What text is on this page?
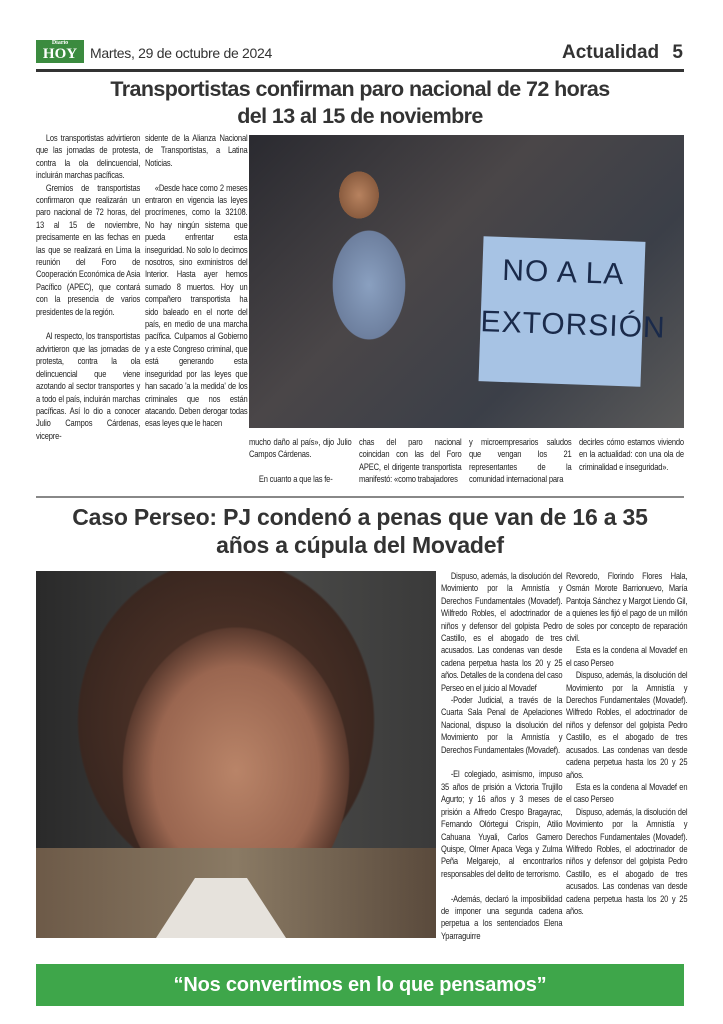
Diario
HOY Martes, 29 de octubre de 2024	Actualidad 5
Transportistas confirman paro nacional de 72 horas
del 13 al 15 de noviembre

Los transportistas advirtieron que las jornadas de protesta, contra la ola delincuencial, incluirán marchas pacíficas.

Gremios de transportistas confirmaron que realizarán un paro nacional de 72 horas, del 13 al 15 de noviembre, precisamente en las fechas en las que se realizará en Lima la reunión del Foro de Cooperación Económica de Asia Pacífico (APEC), que contará con la presencia de varios presidentes de la región.

Al respecto, los transportistas advirtieron que las jornadas de protesta, contra la ola delincuencial que viene azotando al sector transportes y a todo el país, incluirán marchas pacíficas. Así lo dio a conocer Julio Campos Cárdenas, vicepre-

sidente de la Alianza Nacional de Transportistas, a Latina Noticias.

«Desde hace como 2 meses entraron en vigencia las leyes procrímenes, como la 32108. No hay ningún sistema que pueda enfrentar esta inseguridad. No solo lo decimos nosotros, sino exministros del Interior. Hasta ayer hemos sumado 8 muertos. Hoy un compañero transportista ha sido baleado en el norte del país, en medio de una marcha pacífica. Culpamos al Gobierno y a este Congreso criminal, que está generando esta inseguridad por las leyes que han sacado 'a la medida' de los criminales que nos están atacando. Deben derogar todas esas leyes que le hacen

NO A LA EXTORSIÓN

mucho daño al país», dijo Julio Campos Cárdenas.

En cuanto a que las fe-

chas del paro nacional coincidan con las del Foro APEC, el dirigente transportista manifestó: «como trabajadores

y microempresarios saludos que vengan los 21 representantes de la comunidad internacional para

decirles cómo estamos viviendo en la actualidad: con una ola de criminalidad e inseguridad».

Caso Perseo: PJ condenó a penas que van de 16 a 35
años a cúpula del Movadef

Dispuso, además, la disolución del Movimiento por la Amnistía y Derechos Fundamentales (Movadef). Wilfredo Robles, el adoctrinador de niños y defensor del golpista Pedro Castillo, es el abogado de tres acusados. Las condenas van desde cadena perpetua hasta los 20 y 25 años. Detalles de la condena del caso Perseo en el juicio al Movadef

-Poder Judicial, a través de la Cuarta Sala Penal de Apelaciones Nacional, dispuso la disolución del Movimiento por la Amnistía y Derechos Fundamentales (Movadef).

-El colegiado, asimismo, impuso 35 años de prisión a Victoria Trujillo Agurto; y 16 años y 3 meses de prisión a Alfredo Crespo Bragayrac, Fernando Olórtegui Crispín, Atilio Cahuana Yuyali, Carlos Gamero Quispe, Olmer Apaca Vega y Zulma Peña Melgarejo, al encontrarlos responsables del delito de terrorismo.

-Además, declaró la imposibilidad de imponer una segunda cadena perpetua a los sentenciados Elena Yparraguirre

Revoredo, Florindo Flores Hala, Osmán Morote Barrionuevo, María Pantoja Sánchez y Margot Liendo Gil, a quienes les fijó el pago de un millón de soles por concepto de reparación civil.

Esta es la condena al Movadef en el caso Perseo

Dispuso, además, la disolución del Movimiento por la Amnistía y Derechos Fundamentales (Movadef). Wilfredo Robles, el adoctrinador de niños y defensor del golpista Pedro Castillo, es el abogado de tres acusados. Las condenas van desde cadena perpetua hasta los 20 y 25 años.

Esta es la condena al Movadef en el caso Perseo

Dispuso, además, la disolución del Movimiento por la Amnistía y Derechos Fundamentales (Movadef). Wilfredo Robles, el adoctrinador de niños y defensor del golpista Pedro Castillo, es el abogado de tres acusados. Las condenas van desde cadena perpetua hasta los 20 y 25 años.

“Nos convertimos en lo que pensamos”
